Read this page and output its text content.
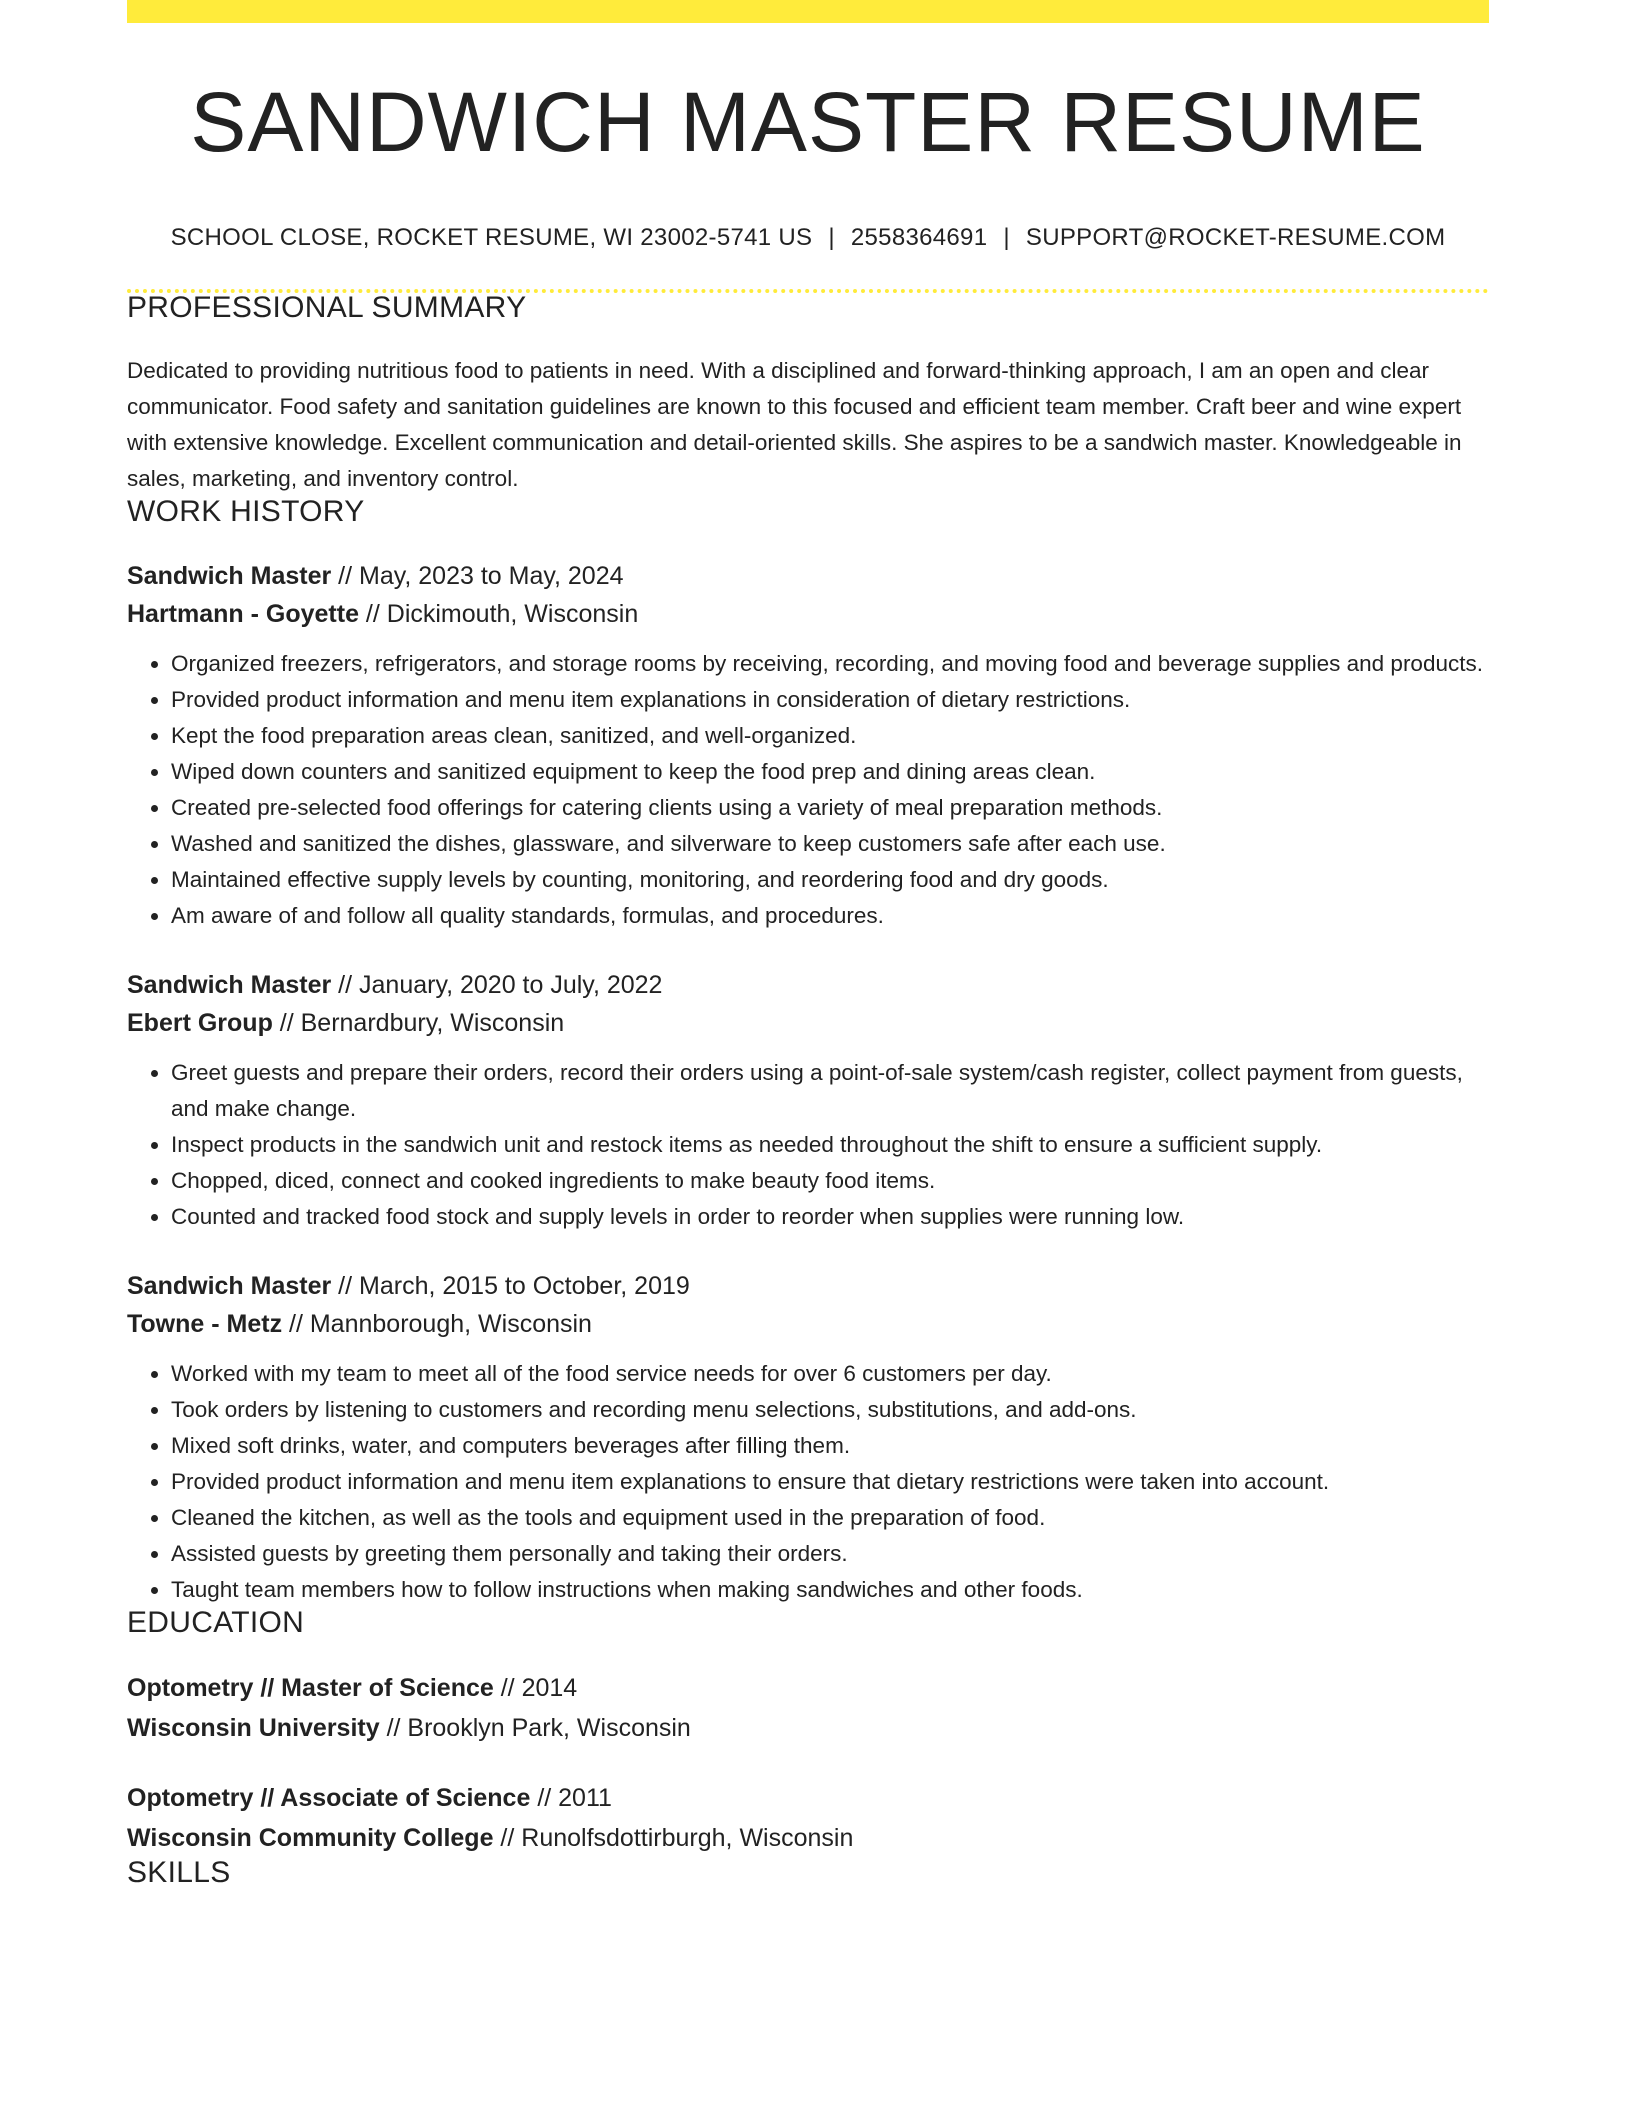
SANDWICH MASTER RESUME
SCHOOL CLOSE, ROCKET RESUME, WI 23002-5741 US | 2558364691 | SUPPORT@ROCKET-RESUME.COM
PROFESSIONAL SUMMARY
Dedicated to providing nutritious food to patients in need. With a disciplined and forward-thinking approach, I am an open and clear communicator. Food safety and sanitation guidelines are known to this focused and efficient team member. Craft beer and wine expert with extensive knowledge. Excellent communication and detail-oriented skills. She aspires to be a sandwich master. Knowledgeable in sales, marketing, and inventory control.
WORK HISTORY
Sandwich Master // May, 2023 to May, 2024
Hartmann - Goyette // Dickimouth, Wisconsin
• Organized freezers, refrigerators, and storage rooms by receiving, recording, and moving food and beverage supplies and products.
• Provided product information and menu item explanations in consideration of dietary restrictions.
• Kept the food preparation areas clean, sanitized, and well-organized.
• Wiped down counters and sanitized equipment to keep the food prep and dining areas clean.
• Created pre-selected food offerings for catering clients using a variety of meal preparation methods.
• Washed and sanitized the dishes, glassware, and silverware to keep customers safe after each use.
• Maintained effective supply levels by counting, monitoring, and reordering food and dry goods.
• Am aware of and follow all quality standards, formulas, and procedures.
Sandwich Master // January, 2020 to July, 2022
Ebert Group // Bernardbury, Wisconsin
• Greet guests and prepare their orders, record their orders using a point-of-sale system/cash register, collect payment from guests, and make change.
• Inspect products in the sandwich unit and restock items as needed throughout the shift to ensure a sufficient supply.
• Chopped, diced, connect and cooked ingredients to make beauty food items.
• Counted and tracked food stock and supply levels in order to reorder when supplies were running low.
Sandwich Master // March, 2015 to October, 2019
Towne - Metz // Mannborough, Wisconsin
• Worked with my team to meet all of the food service needs for over 6 customers per day.
• Took orders by listening to customers and recording menu selections, substitutions, and add-ons.
• Mixed soft drinks, water, and computers beverages after filling them.
• Provided product information and menu item explanations to ensure that dietary restrictions were taken into account.
• Cleaned the kitchen, as well as the tools and equipment used in the preparation of food.
• Assisted guests by greeting them personally and taking their orders.
• Taught team members how to follow instructions when making sandwiches and other foods.
EDUCATION
Optometry // Master of Science // 2014
Wisconsin University // Brooklyn Park, Wisconsin
Optometry // Associate of Science // 2011
Wisconsin Community College // Runolfsdottirburgh, Wisconsin
SKILLS
